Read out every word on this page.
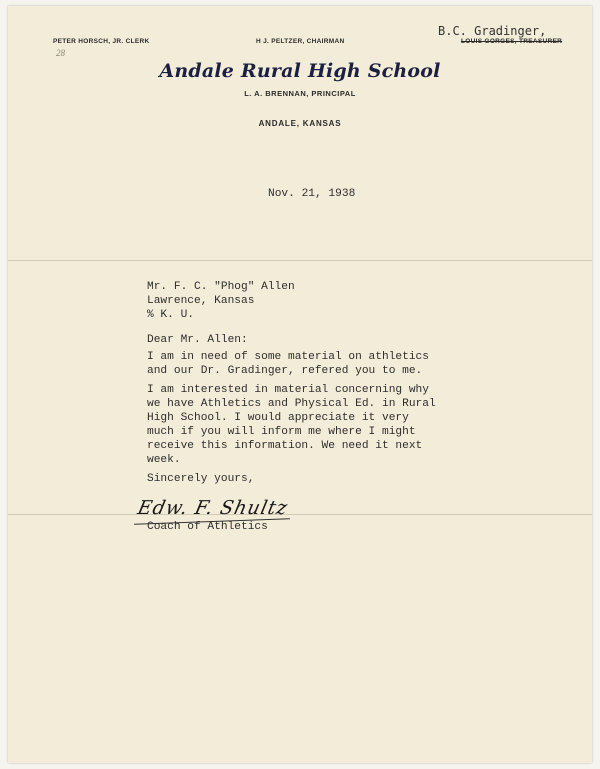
PETER HORSCH, JR. CLERK	H J. PELTZER, CHAIRMAN	LOUIS GORGES, TREASURER
B.C. Gradinger,
28
Andale Rural High School
L. A. BRENNAN, PRINCIPAL
ANDALE, KANSAS
Nov. 21, 1938
Mr. F. C. "Phog" Allen
Lawrence, Kansas
% K. U.
Dear Mr. Allen:
I am in need of some material on athletics
and our Dr. Gradinger, refered you to me.
I am interested in material concerning why
we have Athletics and Physical Ed. in Rural
High School. I would appreciate it very
much if you will inform me where I might
receive this information. We need it next
week.
Sincerely yours,
Edw. F. Shultz
Coach of Athletics
